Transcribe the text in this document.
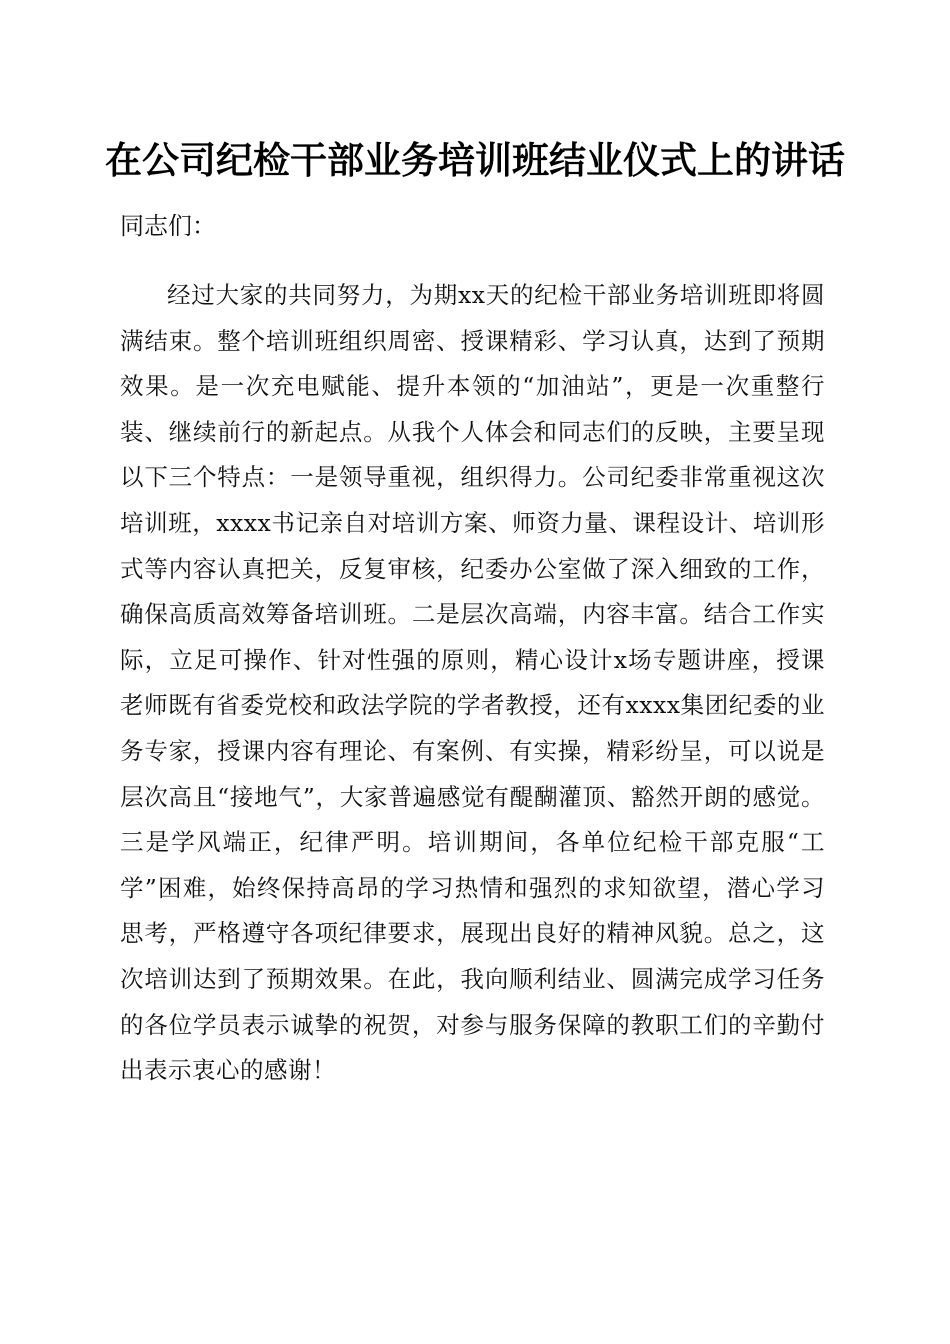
在公司纪检干部业务培训班结业仪式上的讲话

同志们：

经过大家的共同努力，为期xx天的纪检干部业务培训班即将圆满结束。整个培训班组织周密、授课精彩、学习认真，达到了预期效果。是一次充电赋能、提升本领的“加油站”，更是一次重整行装、继续前行的新起点。从我个人体会和同志们的反映，主要呈现以下三个特点：一是领导重视，组织得力。公司纪委非常重视这次培训班，xxxx书记亲自对培训方案、师资力量、课程设计、培训形式等内容认真把关，反复审核，纪委办公室做了深入细致的工作，确保高质高效筹备培训班。二是层次高端，内容丰富。结合工作实际，立足可操作、针对性强的原则，精心设计x场专题讲座，授课老师既有省委党校和政法学院的学者教授，还有xxxx集团纪委的业务专家，授课内容有理论、有案例、有实操，精彩纷呈，可以说是层次高且“接地气”，大家普遍感觉有醍醐灌顶、豁然开朗的感觉。三是学风端正，纪律严明。培训期间，各单位纪检干部克服“工学”困难，始终保持高昂的学习热情和强烈的求知欲望，潜心学习思考，严格遵守各项纪律要求，展现出良好的精神风貌。总之，这次培训达到了预期效果。在此，我向顺利结业、圆满完成学习任务的各位学员表示诚挚的祝贺，对参与服务保障的教职工们的辛勤付出表示衷心的感谢！
